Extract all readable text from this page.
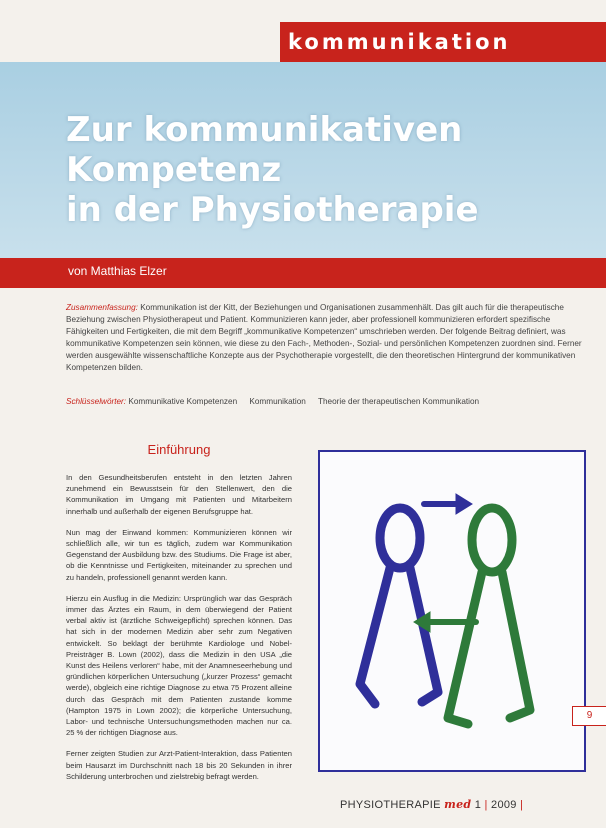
kommunikation
Zur kommunikativen
Kompetenz
in der Physiotherapie
von Matthias Elzer
Zusammenfassung: Kommunikation ist der Kitt, der Beziehungen und Organisationen zusammenhält. Das gilt auch für die therapeutische Beziehung zwischen Physiotherapeut und Patient. Kommunizieren kann jeder, aber professionell kommunizieren erfordert spezifische Fähigkeiten und Fertigkeiten, die mit dem Begriff „kommunikative Kompetenzen“ umschrieben werden. Der folgende Beitrag definiert, was kommunikative Kompetenzen sein können, wie diese zu den Fach-, Methoden-, Sozial- und persönlichen Kompetenzen zuordnen sind. Ferner werden ausgewählte wissenschaftliche Konzepte aus der Psychotherapie vorgestellt, die den theoretischen Hintergrund der kommunikativen Kompetenzen bilden.
Schlüsselwörter: Kommunikative Kompetenzen Kommunikation Theorie der therapeutischen Kommunikation
Einführung

In den Gesundheitsberufen entsteht in den letzten Jahren zunehmend ein Bewusstsein für den Stellenwert, den die Kommunikation im Umgang mit Patienten und Mitarbeitern innerhalb und außerhalb der eigenen Berufsgruppe hat.

Nun mag der Einwand kommen: Kommunizieren können wir schließlich alle, wir tun es täglich, zudem war Kommunikation Gegenstand der Ausbildung bzw. des Studiums. Die Frage ist aber, ob die Kenntnisse und Fertigkeiten, miteinander zu sprechen und zu handeln, professionell genannt werden kann.

Hierzu ein Ausflug in die Medizin: Ursprünglich war das Gespräch immer das Ärztes ein Raum, in dem überwiegend der Patient verbal aktiv ist (ärztliche Schweigepflicht) sprechen können. Das hat sich in der modernen Medizin aber sehr zum Negativen entwickelt. So beklagt der berühmte Kardiologe und Nobel-Preisträger B. Lown (2002), dass die Medizin in den USA „die Kunst des Heilens verloren“ habe, mit der Anamneseerhebung und gründlichen körperlichen Untersuchung („kurzer Prozess“ gemacht werde), obgleich eine richtige Diagnose zu etwa 75 Prozent alleine durch das Gespräch mit dem Patienten zustande komme (Hampton 1975 in Lown 2002); die körperliche Untersuchung, Labor- und technische Untersuchungsmethoden machen nur ca. 25 % der richtigen Diagnose aus.

Ferner zeigten Studien zur Arzt-Patient-Interaktion, dass Patienten beim Hausarzt im Durchschnitt nach 18 bis 20 Sekunden in ihrer Schilderung unterbrochen und zielstrebig befragt werden.

9
PHYSIOTHERAPIE med 1 | 2009 |
